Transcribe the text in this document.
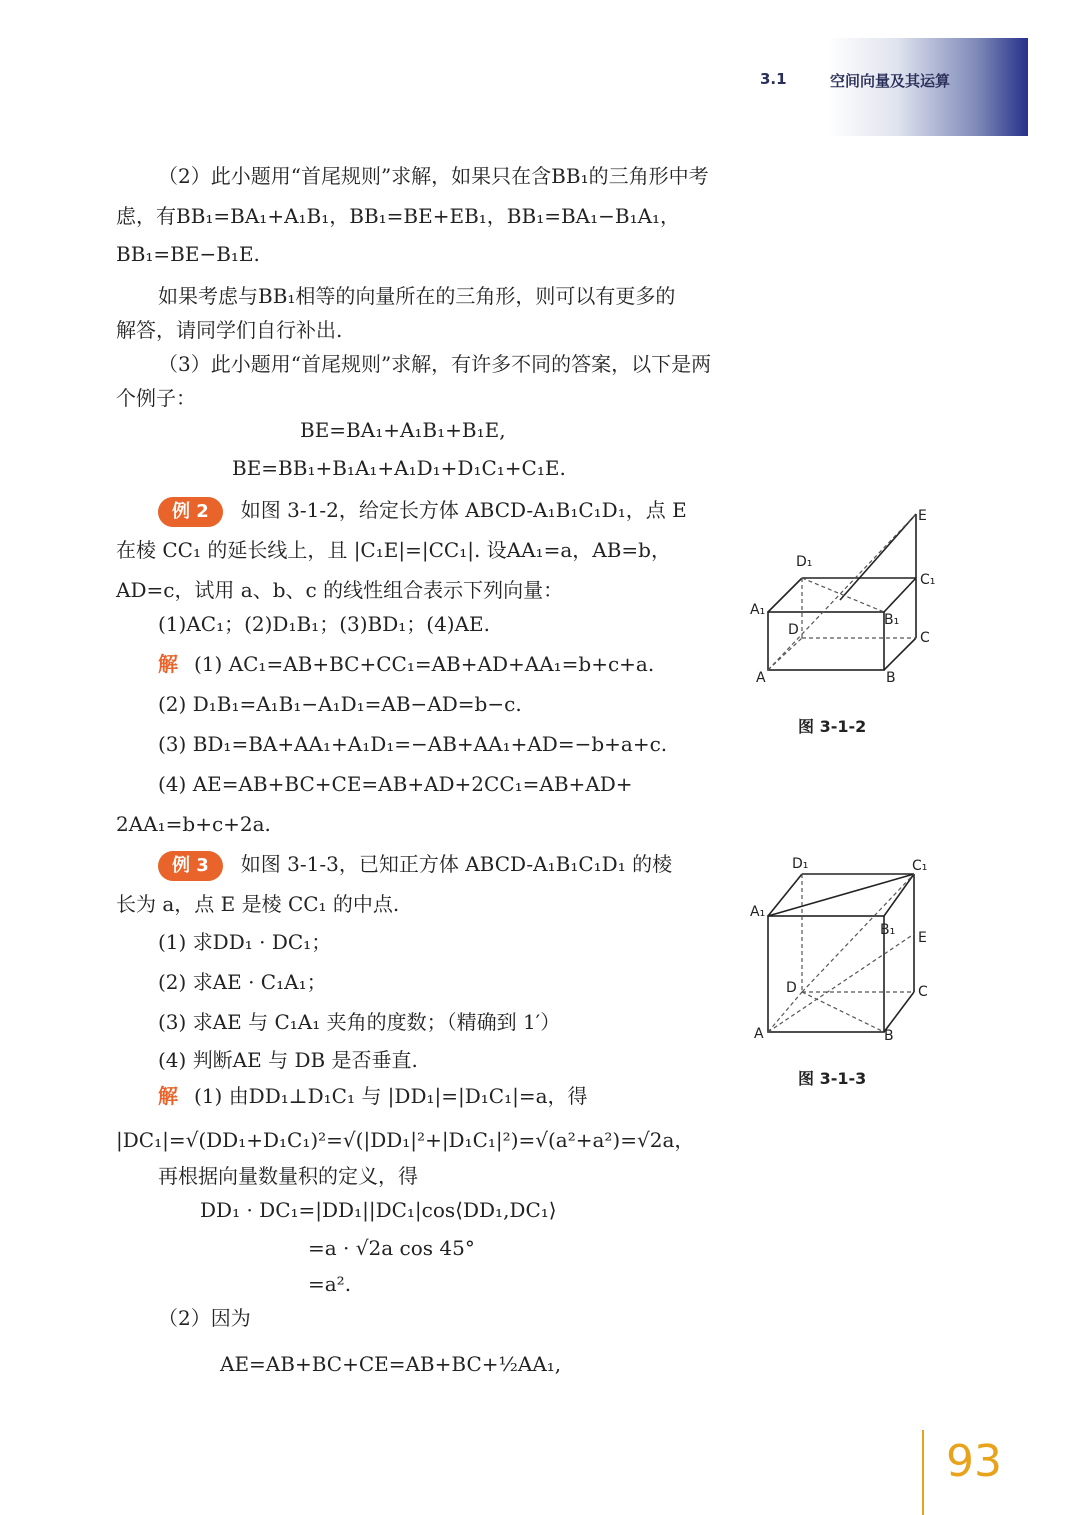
3.1	空间向量及其运算
（2）此小题用“首尾规则”求解，如果只在含BB₁的三角形中考
虑，有BB₁=BA₁+A₁B₁，BB₁=BE+EB₁，BB₁=BA₁−B₁A₁，
BB₁=BE−B₁E.
如果考虑与BB₁相等的向量所在的三角形，则可以有更多的
解答，请同学们自行补出.
（3）此小题用“首尾规则”求解，有许多不同的答案，以下是两
个例子：
BE=BA₁+A₁B₁+B₁E,
BE=BB₁+B₁A₁+A₁D₁+D₁C₁+C₁E.
例 2 如图 3-1-2，给定长方体 ABCD-A₁B₁C₁D₁，点 E
在棱 CC₁ 的延长线上，且 |C₁E|=|CC₁|. 设AA₁=a，AB=b，
AD=c，试用 a、b、c 的线性组合表示下列向量：
(1)AC₁；(2)D₁B₁；(3)BD₁；(4)AE.
解 (1) AC₁=AB+BC+CC₁=AB+AD+AA₁=b+c+a.
(2) D₁B₁=A₁B₁−A₁D₁=AB−AD=b−c.
(3) BD₁=BA+AA₁+A₁D₁=−AB+AA₁+AD=−b+a+c.
(4) AE=AB+BC+CE=AB+AD+2CC₁=AB+AD+
2AA₁=b+c+2a.
例 3 如图 3-1-3，已知正方体 ABCD-A₁B₁C₁D₁ 的棱
长为 a，点 E 是棱 CC₁ 的中点.
(1) 求DD₁ · DC₁；
(2) 求AE · C₁A₁；
(3) 求AE 与 C₁A₁ 夹角的度数；（精确到 1′）
(4) 判断AE 与 DB 是否垂直.
解 (1) 由DD₁⊥D₁C₁ 与 |DD₁|=|D₁C₁|=a，得
|DC₁|=√(DD₁+D₁C₁)²=√(|DD₁|²+|D₁C₁|²)=√(a²+a²)=√2a，
再根据向量数量积的定义，得
DD₁ · DC₁=|DD₁||DC₁|cos⟨DD₁,DC₁⟩
=a · √2a cos 45°
=a².
（2）因为
AE=AB+BC+CE=AB+BC+½AA₁,
A	B
C
D
A₁
B₁
C₁
D₁
E
图 3-1-2
A	B
C
D
A₁
B₁
C₁
D₁
E
图 3-1-3
93
